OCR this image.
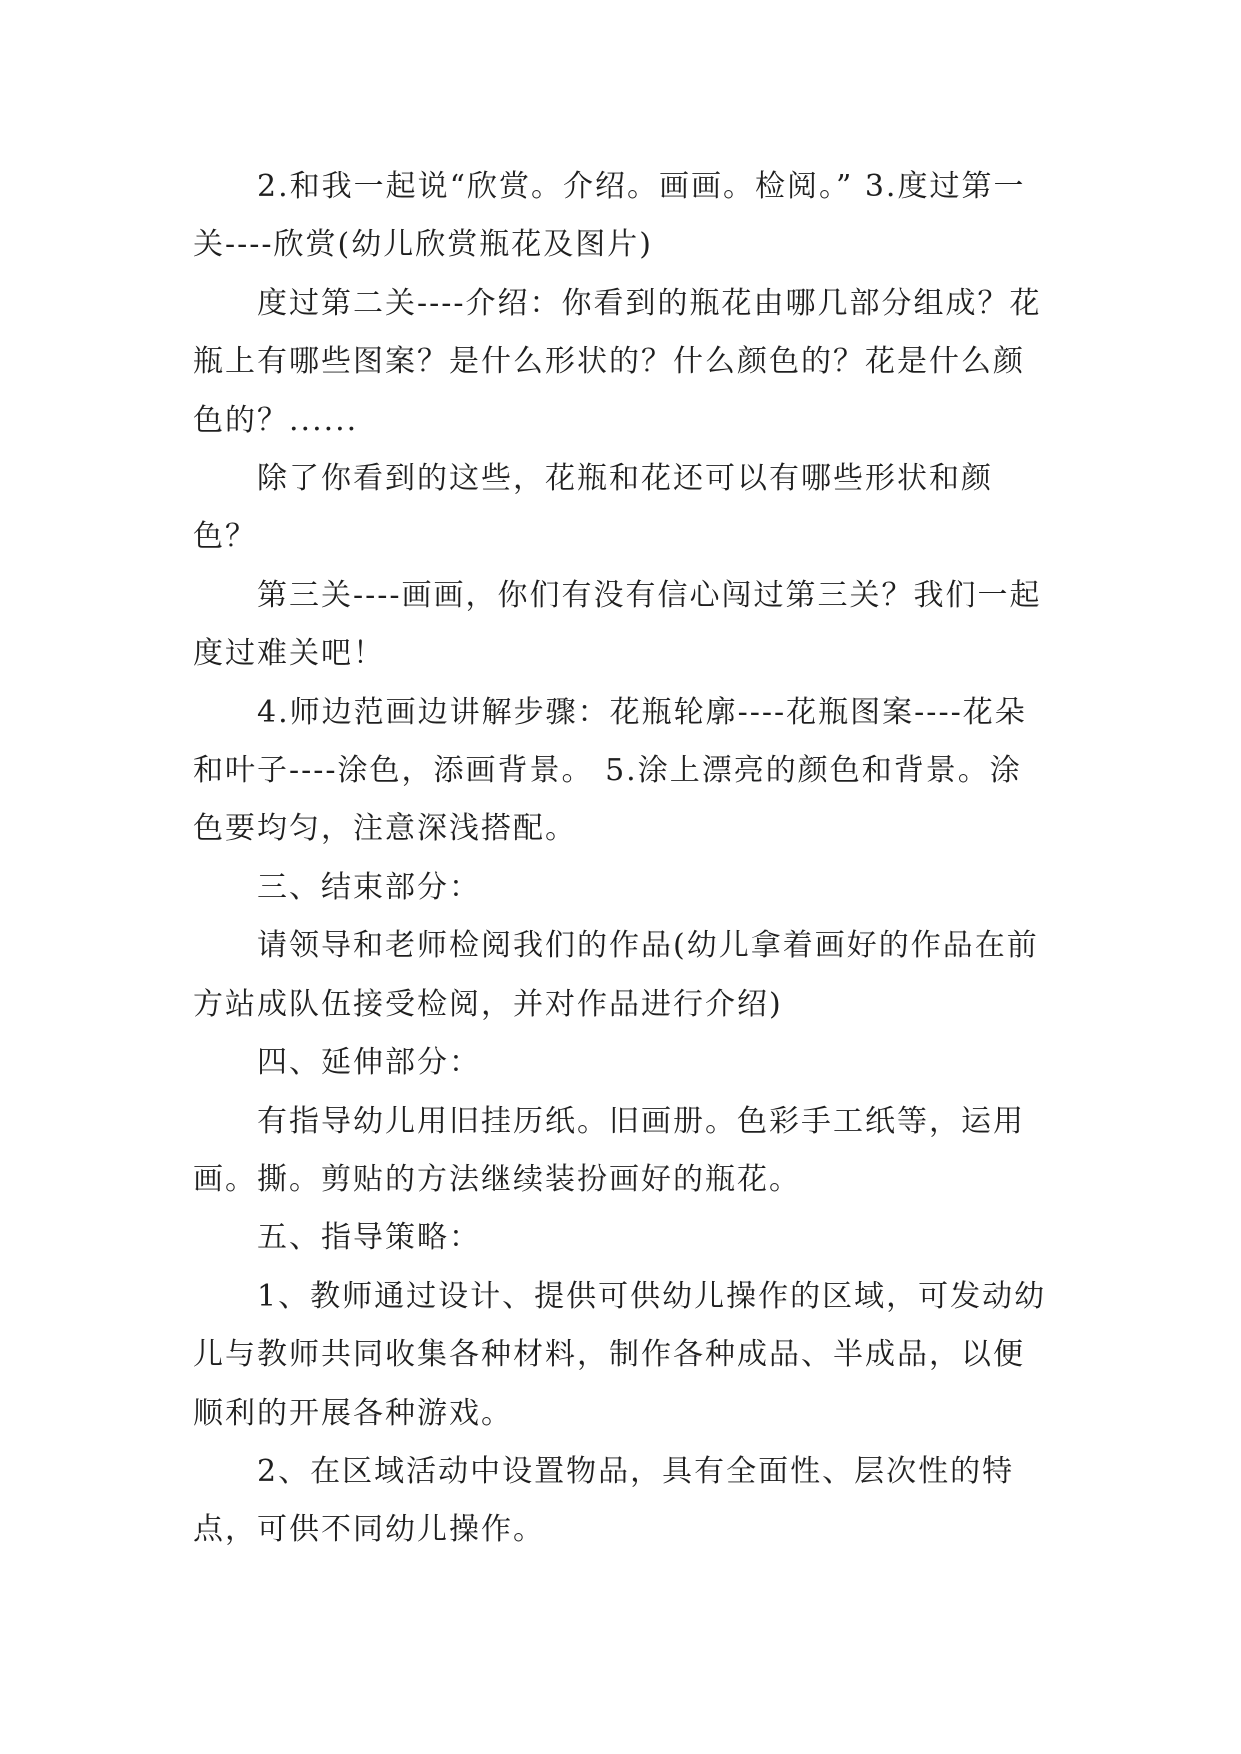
2.和我一起说“欣赏。介绍。画画。检阅。” 3.度过第一关----欣赏(幼儿欣赏瓶花及图片)

度过第二关----介绍：你看到的瓶花由哪几部分组成？花瓶上有哪些图案？是什么形状的？什么颜色的？花是什么颜色的？......

除了你看到的这些，花瓶和花还可以有哪些形状和颜色？

第三关----画画，你们有没有信心闯过第三关？我们一起度过难关吧！

4.师边范画边讲解步骤：花瓶轮廓----花瓶图案----花朵和叶子----涂色，添画背景。 5.涂上漂亮的颜色和背景。涂色要均匀，注意深浅搭配。

三、结束部分：

请领导和老师检阅我们的作品(幼儿拿着画好的作品在前方站成队伍接受检阅，并对作品进行介绍)

四、延伸部分：

有指导幼儿用旧挂历纸。旧画册。色彩手工纸等，运用画。撕。剪贴的方法继续装扮画好的瓶花。

五、指导策略：

1、教师通过设计、提供可供幼儿操作的区域，可发动幼儿与教师共同收集各种材料，制作各种成品、半成品，以便顺利的开展各种游戏。

2、在区域活动中设置物品，具有全面性、层次性的特点，可供不同幼儿操作。
